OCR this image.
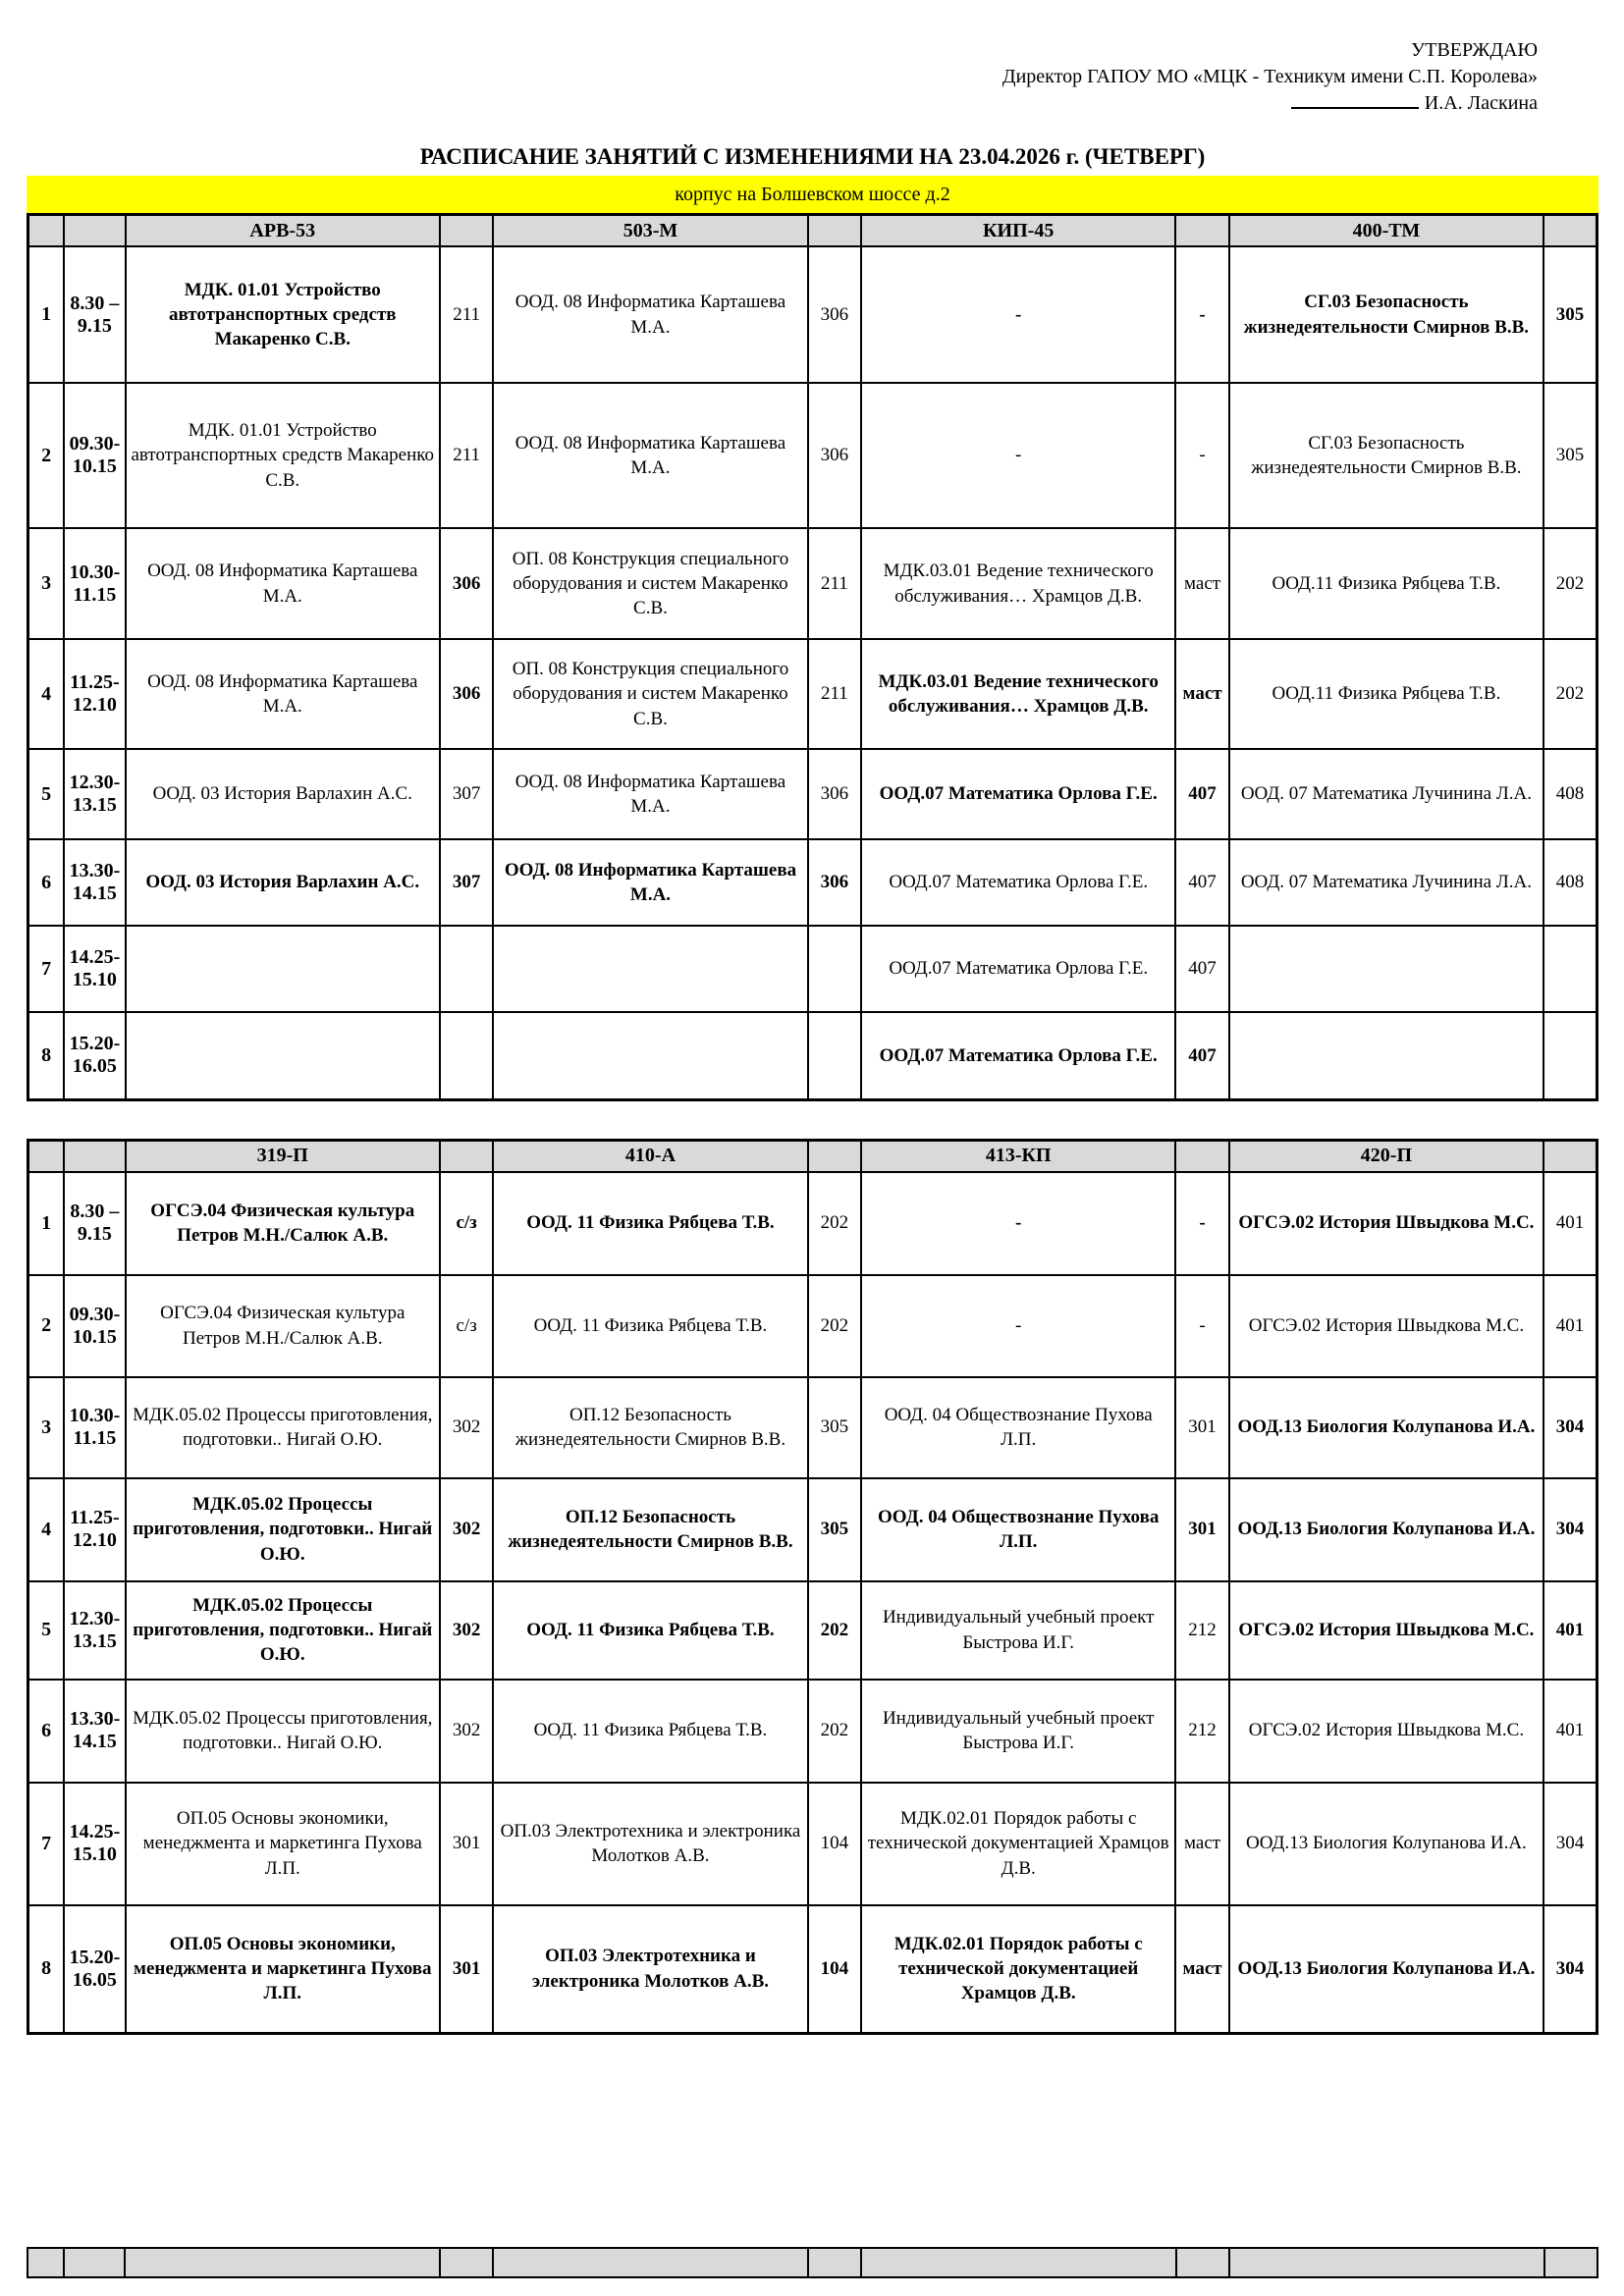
УТВЕРЖДАЮ
Директор ГАПОУ МО «МЦК - Техникум имени С.П. Королева»
И.А. Ласкина
РАСПИСАНИЕ ЗАНЯТИЙ С ИЗМЕНЕНИЯМИ НА 23.04.2026 г. (ЧЕТВЕРГ)
корпус на Болшевском шоссе д.2
		АРВ-53		503-М		КИП-45		400-ТМ	
1	8.30 – 9.15	МДК. 01.01 Устройство автотранспортных средств Макаренко С.В.	211	ООД. 08 Информатика Карташева М.А.	306	-	-	СГ.03 Безопасность жизнедеятельности Смирнов В.В.	305
2	09.30-10.15	МДК. 01.01 Устройство автотранспортных средств Макаренко С.В.	211	ООД. 08 Информатика Карташева М.А.	306	-	-	СГ.03 Безопасность жизнедеятельности Смирнов В.В.	305
3	10.30-11.15	ООД. 08 Информатика Карташева М.А.	306	ОП. 08 Конструкция специального оборудования и систем Макаренко С.В.	211	МДК.03.01 Ведение технического обслуживания… Храмцов Д.В.	маст	ООД.11 Физика Рябцева Т.В.	202
4	11.25-12.10	ООД. 08 Информатика Карташева М.А.	306	ОП. 08 Конструкция специального оборудования и систем Макаренко С.В.	211	МДК.03.01 Ведение технического обслуживания… Храмцов Д.В.	маст	ООД.11 Физика Рябцева Т.В.	202
5	12.30-13.15	ООД. 03 История Варлахин А.С.	307	ООД. 08 Информатика Карташева М.А.	306	ООД.07 Математика Орлова Г.Е.	407	ООД. 07 Математика Лучинина Л.А.	408
6	13.30-14.15	ООД. 03 История Варлахин А.С.	307	ООД. 08 Информатика Карташева М.А.	306	ООД.07 Математика Орлова Г.Е.	407	ООД. 07 Математика Лучинина Л.А.	408
7	14.25-15.10					ООД.07 Математика Орлова Г.Е.	407		
8	15.20-16.05					ООД.07 Математика Орлова Г.Е.	407		
		319-П		410-А		413-КП		420-П	
1	8.30 – 9.15	ОГСЭ.04 Физическая культура Петров М.Н./Салюк А.В.	с/з	ООД. 11 Физика Рябцева Т.В.	202	-	-	ОГСЭ.02 История Швыдкова М.С.	401
2	09.30-10.15	ОГСЭ.04 Физическая культура Петров М.Н./Салюк А.В.	с/з	ООД. 11 Физика Рябцева Т.В.	202	-	-	ОГСЭ.02 История Швыдкова М.С.	401
3	10.30-11.15	МДК.05.02 Процессы приготовления, подготовки.. Нигай О.Ю.	302	ОП.12 Безопасность жизнедеятельности Смирнов В.В.	305	ООД. 04 Обществознание Пухова Л.П.	301	ООД.13 Биология Колупанова И.А.	304
4	11.25-12.10	МДК.05.02 Процессы приготовления, подготовки.. Нигай О.Ю.	302	ОП.12 Безопасность жизнедеятельности Смирнов В.В.	305	ООД. 04 Обществознание Пухова Л.П.	301	ООД.13 Биология Колупанова И.А.	304
5	12.30-13.15	МДК.05.02 Процессы приготовления, подготовки.. Нигай О.Ю.	302	ООД. 11 Физика Рябцева Т.В.	202	Индивидуальный учебный проект Быстрова И.Г.	212	ОГСЭ.02 История Швыдкова М.С.	401
6	13.30-14.15	МДК.05.02 Процессы приготовления, подготовки.. Нигай О.Ю.	302	ООД. 11 Физика Рябцева Т.В.	202	Индивидуальный учебный проект Быстрова И.Г.	212	ОГСЭ.02 История Швыдкова М.С.	401
7	14.25-15.10	ОП.05 Основы экономики, менеджмента и маркетинга Пухова Л.П.	301	ОП.03 Электротехника и электроника Молотков А.В.	104	МДК.02.01 Порядок работы с технической документацией Храмцов Д.В.	маст	ООД.13 Биология Колупанова И.А.	304
8	15.20-16.05	ОП.05 Основы экономики, менеджмента и маркетинга Пухова Л.П.	301	ОП.03 Электротехника и электроника Молотков А.В.	104	МДК.02.01 Порядок работы с технической документацией Храмцов Д.В.	маст	ООД.13 Биология Колупанова И.А.	304
